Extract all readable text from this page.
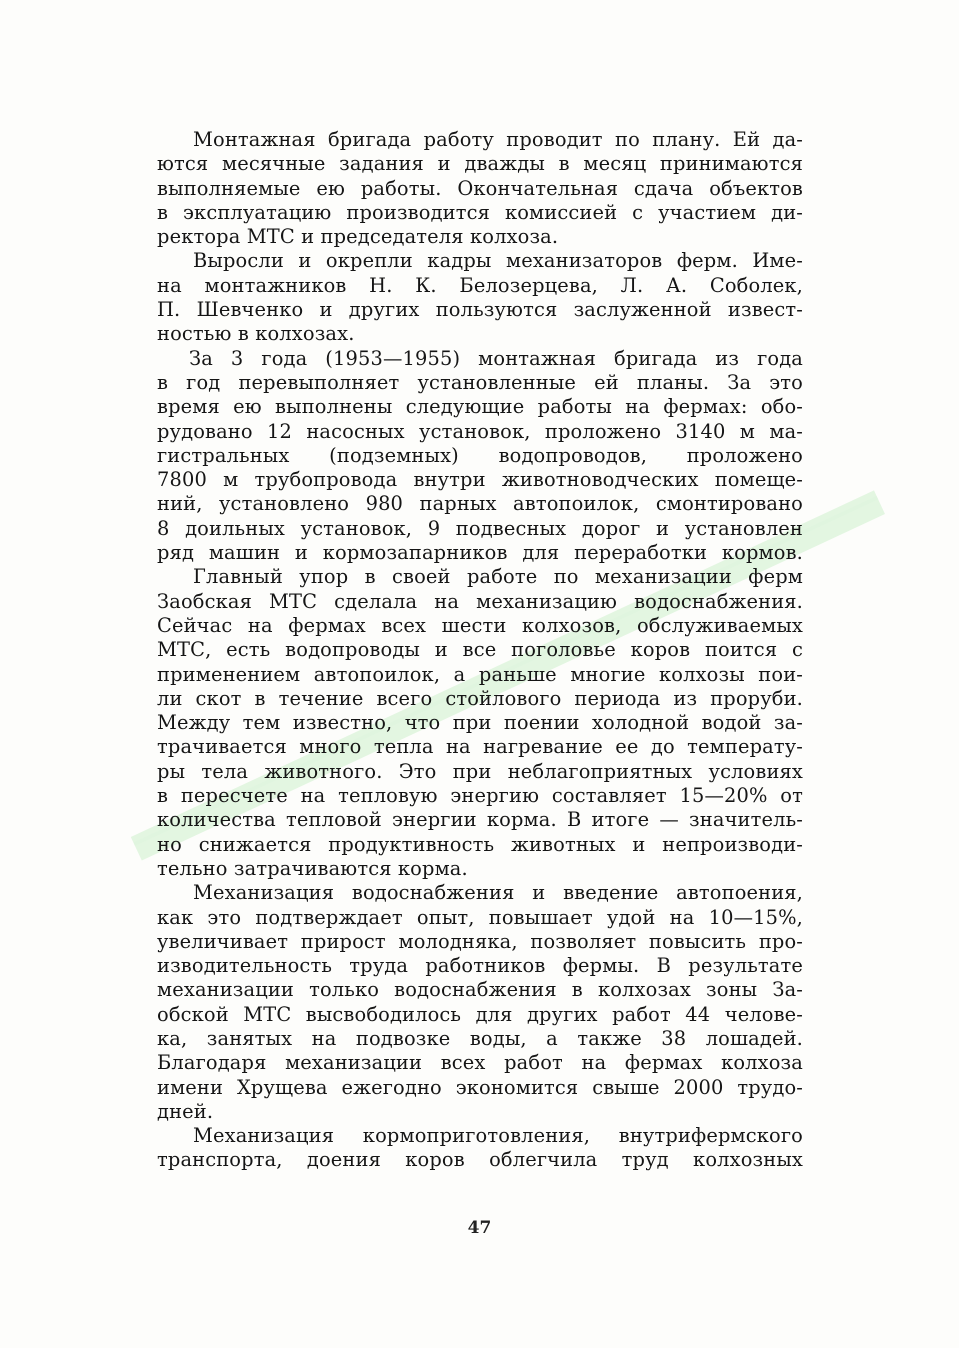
Монтажная бригада работу проводит по плану. Ей да-
ются месячные задания и дважды в месяц принимаются
выполняемые ею работы. Окончательная сдача объектов
в эксплуатацию производится комиссией с участием ди-
ректора МТС и председателя колхоза.
Выросли и окрепли кадры механизаторов ферм. Име-
на монтажников Н. К. Белозерцева, Л. А. Соболек,
П. Шевченко и других пользуются заслуженной извест-
ностью в колхозах.
За 3 года (1953—1955) монтажная бригада из года
в год перевыполняет установленные ей планы. За это
время ею выполнены следующие работы на фермах: обо-
рудовано 12 насосных установок, проложено 3140 м ма-
гистральных (подземных) водопроводов, проложено
7800 м трубопровода внутри животноводческих помеще-
ний, установлено 980 парных автопоилок, смонтировано
8 доильных установок, 9 подвесных дорог и установлен
ряд машин и кормозапарников для переработки кормов.
Главный упор в своей работе по механизации ферм
Заобская МТС сделала на механизацию водоснабжения.
Сейчас на фермах всех шести колхозов, обслуживаемых
МТС, есть водопроводы и все поголовье коров поится с
применением автопоилок, а раньше многие колхозы пои-
ли скот в течение всего стойлового периода из проруби.
Между тем известно, что при поении холодной водой за-
трачивается много тепла на нагревание ее до температу-
ры тела животного. Это при неблагоприятных условиях
в пересчете на тепловую энергию составляет 15—20% от
количества тепловой энергии корма. В итоге — значитель-
но снижается продуктивность животных и непроизводи-
тельно затрачиваются корма.
Механизация водоснабжения и введение автопоения,
как это подтверждает опыт, повышает удой на 10—15%,
увеличивает прирост молодняка, позволяет повысить про-
изводительность труда работников фермы. В результате
механизации только водоснабжения в колхозах зоны За-
обской МТС высвободилось для других работ 44 челове-
ка, занятых на подвозке воды, а также 38 лошадей.
Благодаря механизации всех работ на фермах колхоза
имени Хрущева ежегодно экономится свыше 2000 трудо-
дней.
Механизация кормоприготовления, внутрифермского
транспорта, доения коров облегчила труд колхозных
47
